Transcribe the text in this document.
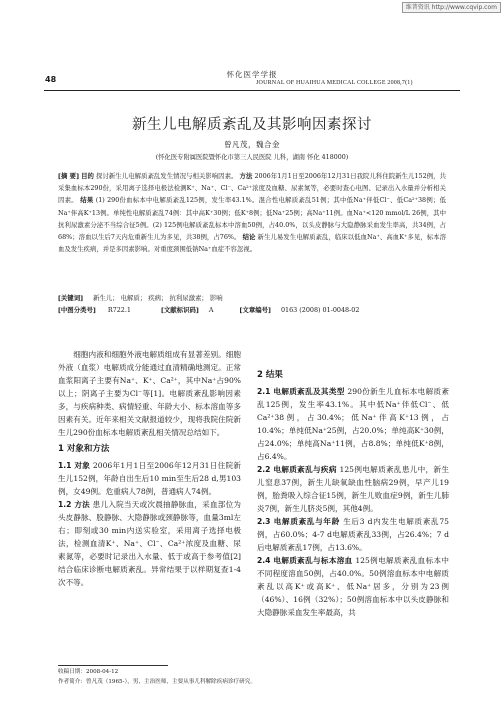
维普资讯 http://www.cqvip.com
怀化医学学报
48	JOURNAL OF HUAIHUA MEDICAL COLLEGE 2008,7(1)
新生儿电解质紊乱及其影响因素探讨
曾凡茂，魏合金
(怀化医专附属医院暨怀化市第三人民医院 儿科，湖南 怀化 418000)
[摘 要] 目的 探讨新生儿电解质紊乱发生情况与相关影响因素。 方法 2006年1月1日至2006年12月31日我院儿科住院新生儿152例，共采集血标本290份，采用离子选择电极法检测K⁺、Na⁺、Cl⁻、Ca²⁺浓度及血糖、尿素氮等，必要时查心电图、记录出入水量并分析相关因素。 结果 (1) 290份血标本中电解质紊乱125例，发生率43.1%。混合性电解质紊乱51例；其中低Na⁺伴低Cl⁻、低Ca²⁺38例；低Na⁺伴高K⁺13例。单纯性电解质紊乱74例：其中高K⁺30例；低K⁺8例；低Na⁺25例；高Na⁺11例。血Na⁺<120 mmol/L 26例，其中抗利尿激素分泌不当综合征5例。(2) 125例电解质紊乱标本中溶血50例，占40.0%，以头皮静脉与大隐静脉采血发生率高，共34例，占68%；溶血以生后7天内危重新生儿为多见，共38例，占76%。 结论 新生儿易发生电解质紊乱，临床以低血Na⁺、高血K⁺多见，标本溶血及发生疾病，并是多因素影响。对重度颈围低钠Na⁺血症不容忽视。
[关键词] 新生儿； 电解质； 疾病； 抗利尿激素； 影响
[中图分类号] R722.1	[文献标识码] A	[文章编号] 0163 (2008) 01-0048-02

细胞内液和细胞外液电解质组成有显著差别。细胞外液（血浆）电解质成分能通过血清精确地测定。正常血浆阳离子主要有Na⁺、K⁺、Ca²⁺，其中Na⁺占90%以上；阴离子主要为Cl⁻等[1]。电解质紊乱影响因素多，与疾病种类、病情轻重、年龄大小、标本溶血等多因素有关。近年来相关文献报道较少，现将我院住院新生儿290份血标本电解质紊乱相关情况总结如下。

1 对象和方法

1.1 对象 2006年1月1日至2006年12月31日住院新生儿152例，年龄自出生后10 min至生后28 d,男103例，女49例。危重病人78例，普通病人74例。

1.2 方法 患儿入院当天或次晨抽静脉血，采血部位为头皮静脉、股静脉、大隐静脉或颈静脉等，血量3ml左右；即刻或30 min内送实验室，采用离子选择电极法，检测血清K⁺、Na⁺、Cl⁻、Ca²⁺浓度及血糖、尿素氮等，必要时记录出入水量、低于或高于参考值[2]结合临床诊断电解质紊乱。异常结果于以样期复查1-4次不等。

2 结果

2.1 电解质紊乱及其类型 290份新生儿血标本电解质紊乱125例，发生率43.1%。其中低Na⁺伴低Cl⁻、低Ca²⁺38例，占30.4%；低Na⁺伴高K⁺13例，占10.4%；单纯低Na⁺25例，占20.0%；单纯高K⁺30例，占24.0%；单纯高Na⁺11例，占8.8%；单纯低K⁺8例，占6.4%。

2.2 电解质紊乱与疾病 125例电解质紊乱患儿中，新生儿窒息37例，新生儿缺氧缺血性脑病29例，早产儿19例，胎粪吸入综合征15例，新生儿败血症9例，新生儿肺炎7例，新生儿脐炎5例，其他4例。

2.3 电解质紊乱与年龄 生后3 d内发生电解质紊乱75例，占60.0%；4-7 d电解质紊乱33例，占26.4%；7 d后电解质紊乱17例，占13.6%。

2.4 电解质紊乱与标本溶血 125例电解质紊乱血标本中不同程度溶血50例，占40.0%。50例溶血标本中电解质紊乱以高K⁺或高K⁺、低Na⁺居多，分别为23例（46%）、16例（32%）；50例溶血标本中以头皮静脉和大隐静脉采血发生率最高，共

收稿日期：2008-04-12
作者简介：曾凡茂（1965-），男，主治医师，主要从事儿科解除疾病诊疗研究。
